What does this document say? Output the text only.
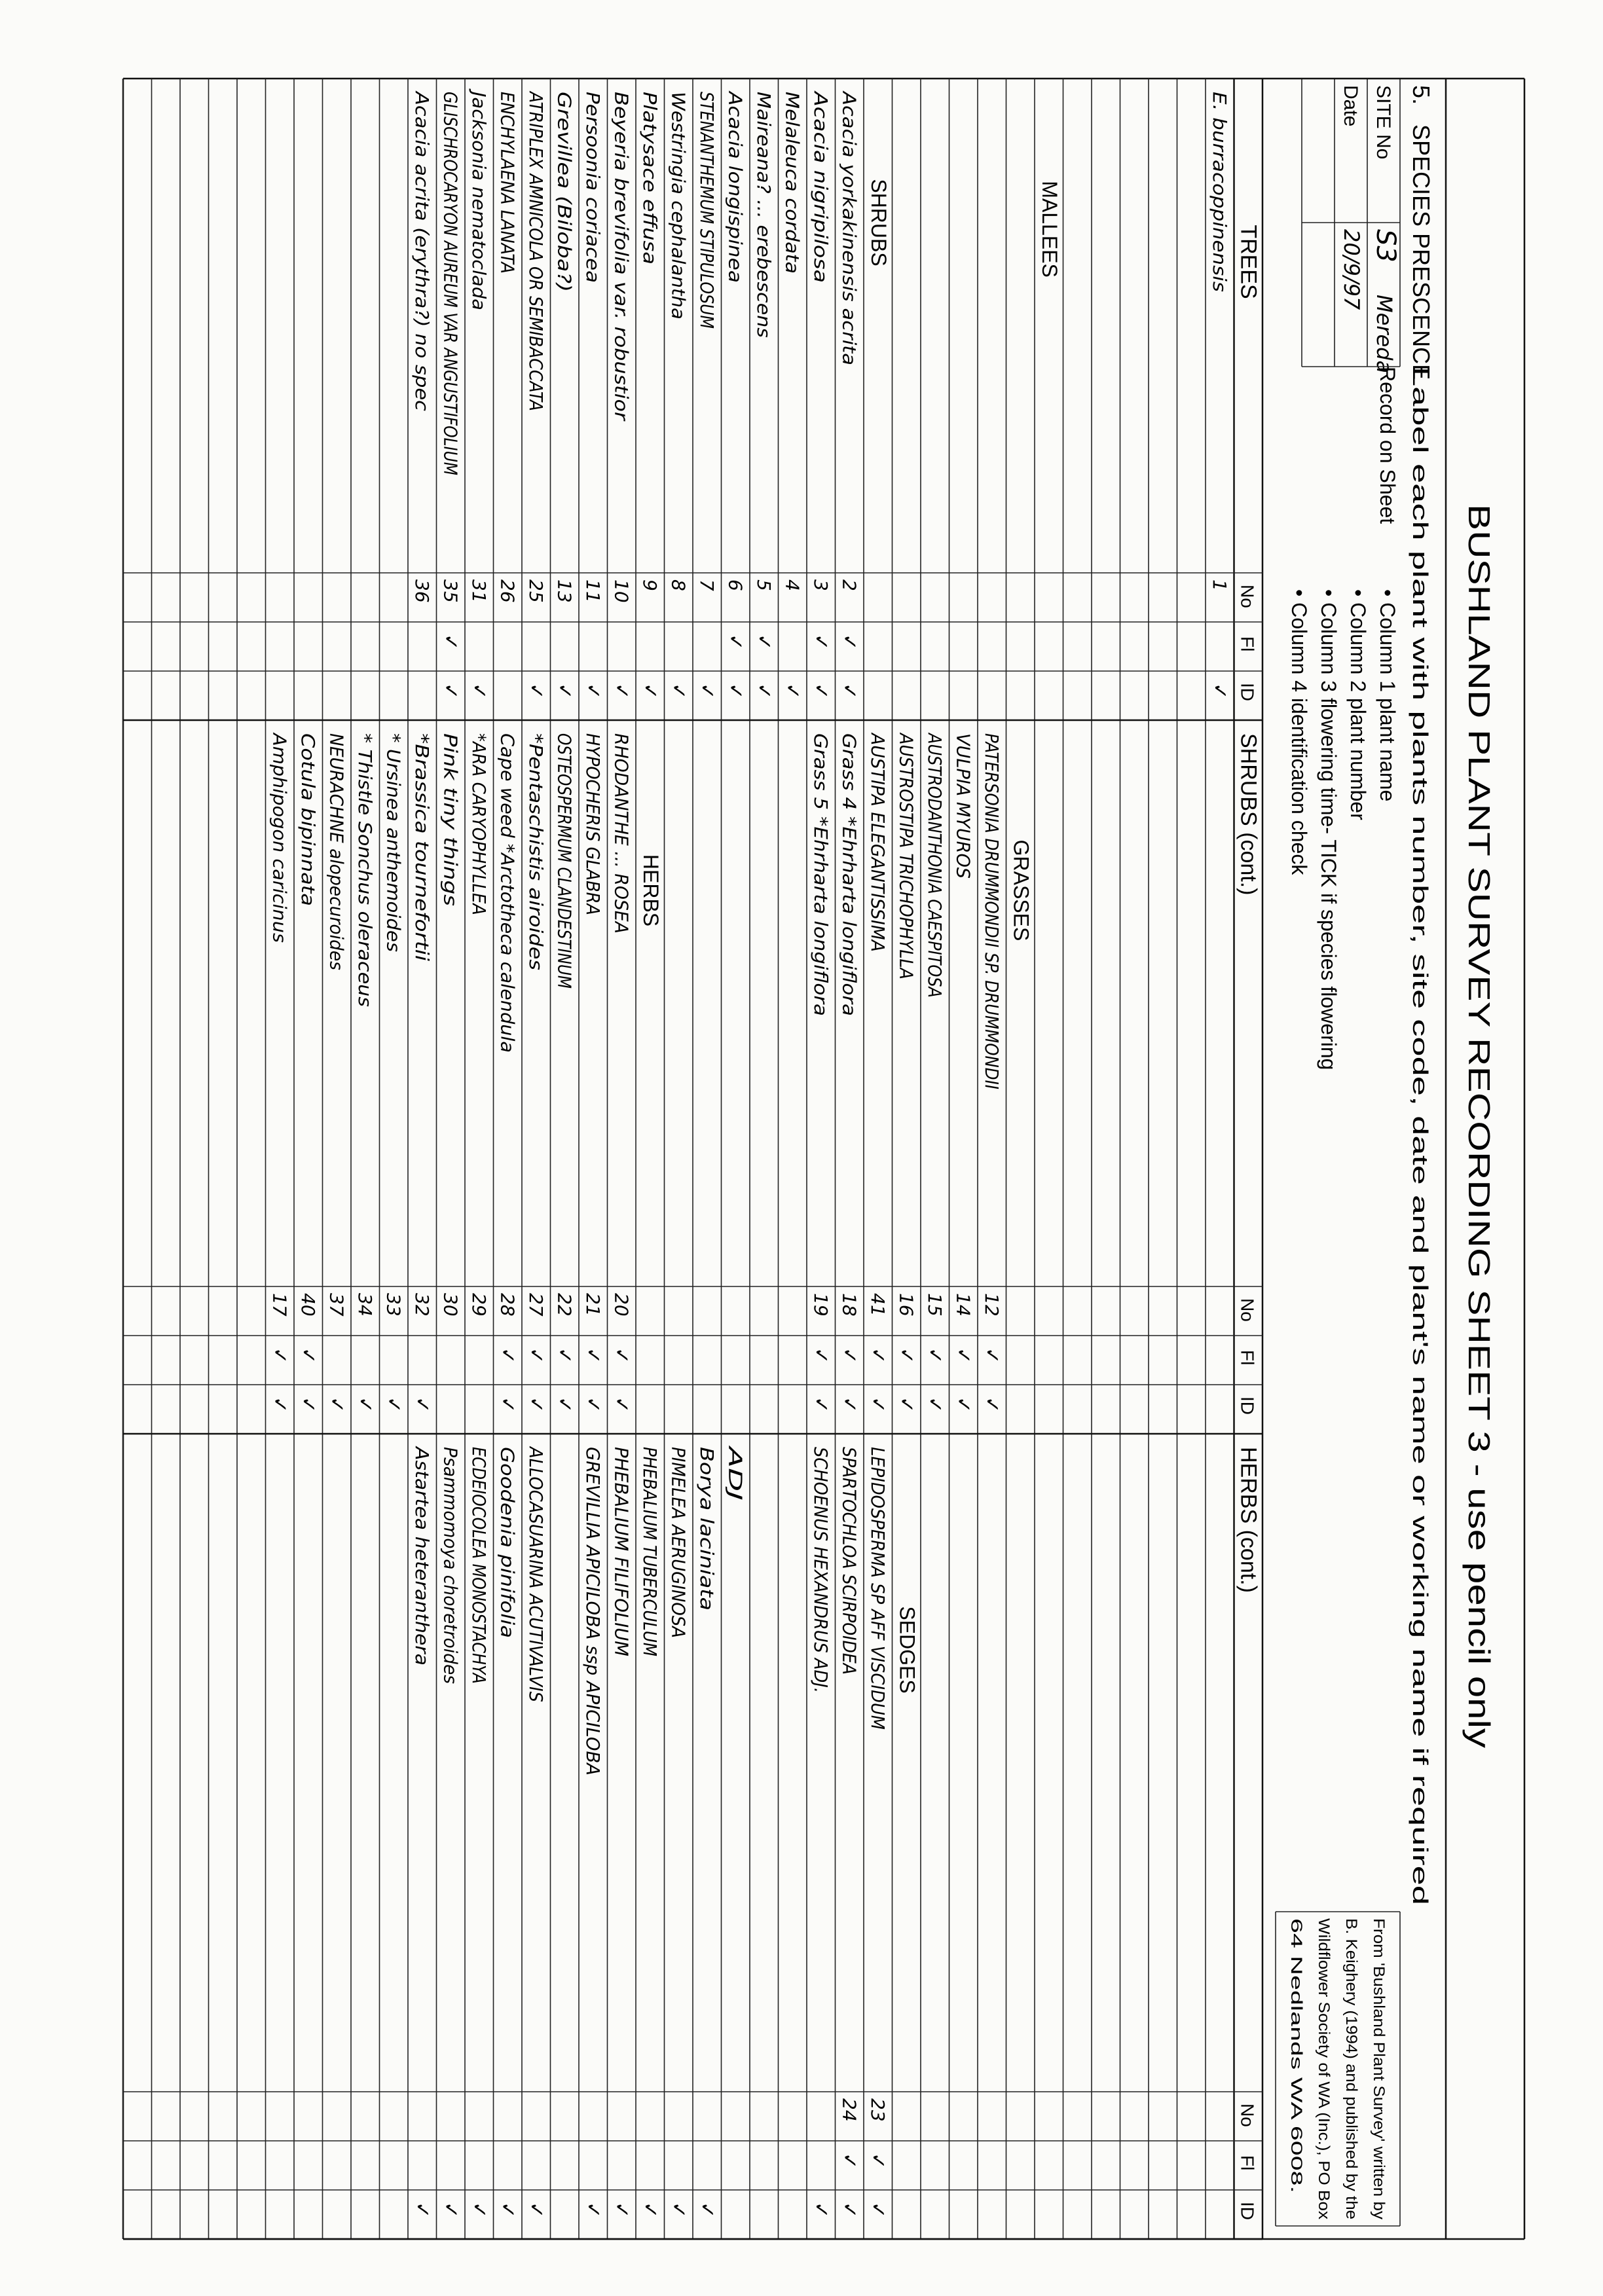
BUSHLAND PLANT SURVEY RECORDING SHEET 3 - use pencil only
5.
SPECIES PRESCENCE
SITE No
S3
Mereda
Date
20/9/97
Label each plant with plants number, site code, date and plant's name or working name if required
Record on Sheet
• Column 1 plant name
• Column 2 plant number
• Column 3 flowering time- TICK if species flowering
• Column 4 identification check
From 'Bushland Plant Survey' written by
B. Keighery (1994) and published by the
Wildflower Society of WA (Inc.), PO Box
64 Nedlands WA 6008.
TREES
SHRUBS (cont.)
HERBS (cont.)
No
Fl
ID
No
Fl
ID
No
Fl
ID
MALLEES
SHRUBS
GRASSES
HERBS
SEDGES
E. burracoppinensis
1
✓
Acacia yorkakinensis acrita
2
✓
✓
Acacia nigripilosa
3
✓
✓
Melaleuca cordata
4
✓
Maireana? ... erebescens
5
✓
✓
Acacia longispinea
6
✓
✓
STENANTHEMUM STIPULOSUM
7
✓
Westringia cephalantha
8
✓
Platysace effusa
9
✓
Beyeria brevifolia var. robustior
10
✓
Persoonia coriacea
11
✓
Grevillea (Biloba?)
13
✓
ATRIPLEX AMNICOLA OR SEMIBACCATA
25
✓
ENCHYLAENA LANATA
26
Jacksonia nematoclada
31
✓
GLISCHROCARYON AUREUM VAR ANGUSTIFOLIUM
35
✓
✓
Acacia acrita (erythra?) no spec
36
PATERSONIA DRUMMONDII SP. DRUMMONDII
12
✓
✓
VULPIA MYUROS
14
✓
✓
AUSTRODANTHONIA CAESPITOSA
15
✓
✓
AUSTROSTIPA TRICHOPHYLLA
16
✓
✓
AUSTIPA ELEGANTISSIMA
41
✓
✓
Grass 4 *Ehrharta longiflora
18
✓
✓
Grass 5 *Ehrharta longiflora
19
✓
✓
RHODANTHE ... ROSEA
20
✓
✓
HYPOCHERIS GLABRA
21
✓
✓
OSTEOSPERMUM CLANDESTINUM
22
✓
✓
*Pentaschistis airoides
27
✓
✓
Cape weed *Arctotheca calendula
28
✓
✓
*ARA CARYOPHYLLEA
29
Pink tiny things
30
*Brassica tournefortii
32
✓
* Ursinea anthemoides
33
✓
* Thistle Sonchus oleraceus
34
✓
NEURACHNE alopecuroides
37
✓
Cotula bipinnata
40
✓
✓
Amphipogon caricinus
17
✓
✓
LEPIDOSPERMA SP AFF VISCIDUM
23
✓
✓
SPARTOCHLOA SCIRPOIDEA
24
✓
✓
SCHOENUS HEXANDRUS ADJ.
✓
ADJ
Borya laciniata
✓
PIMELEA AERUGINOSA
✓
PHEBALIUM TUBERCULUM
✓
PHEBALIUM FILIFOLIUM
✓
GREVILLIA APICILOBA ssp APICILOBA
✓
ALLOCASUARINA ACUTIVALVIS
✓
Goodenia pinifolia
✓
ECDEIOCOLEA MONOSTACHYA
✓
Psammomoya choretroides
✓
Astartea heteranthera
✓
